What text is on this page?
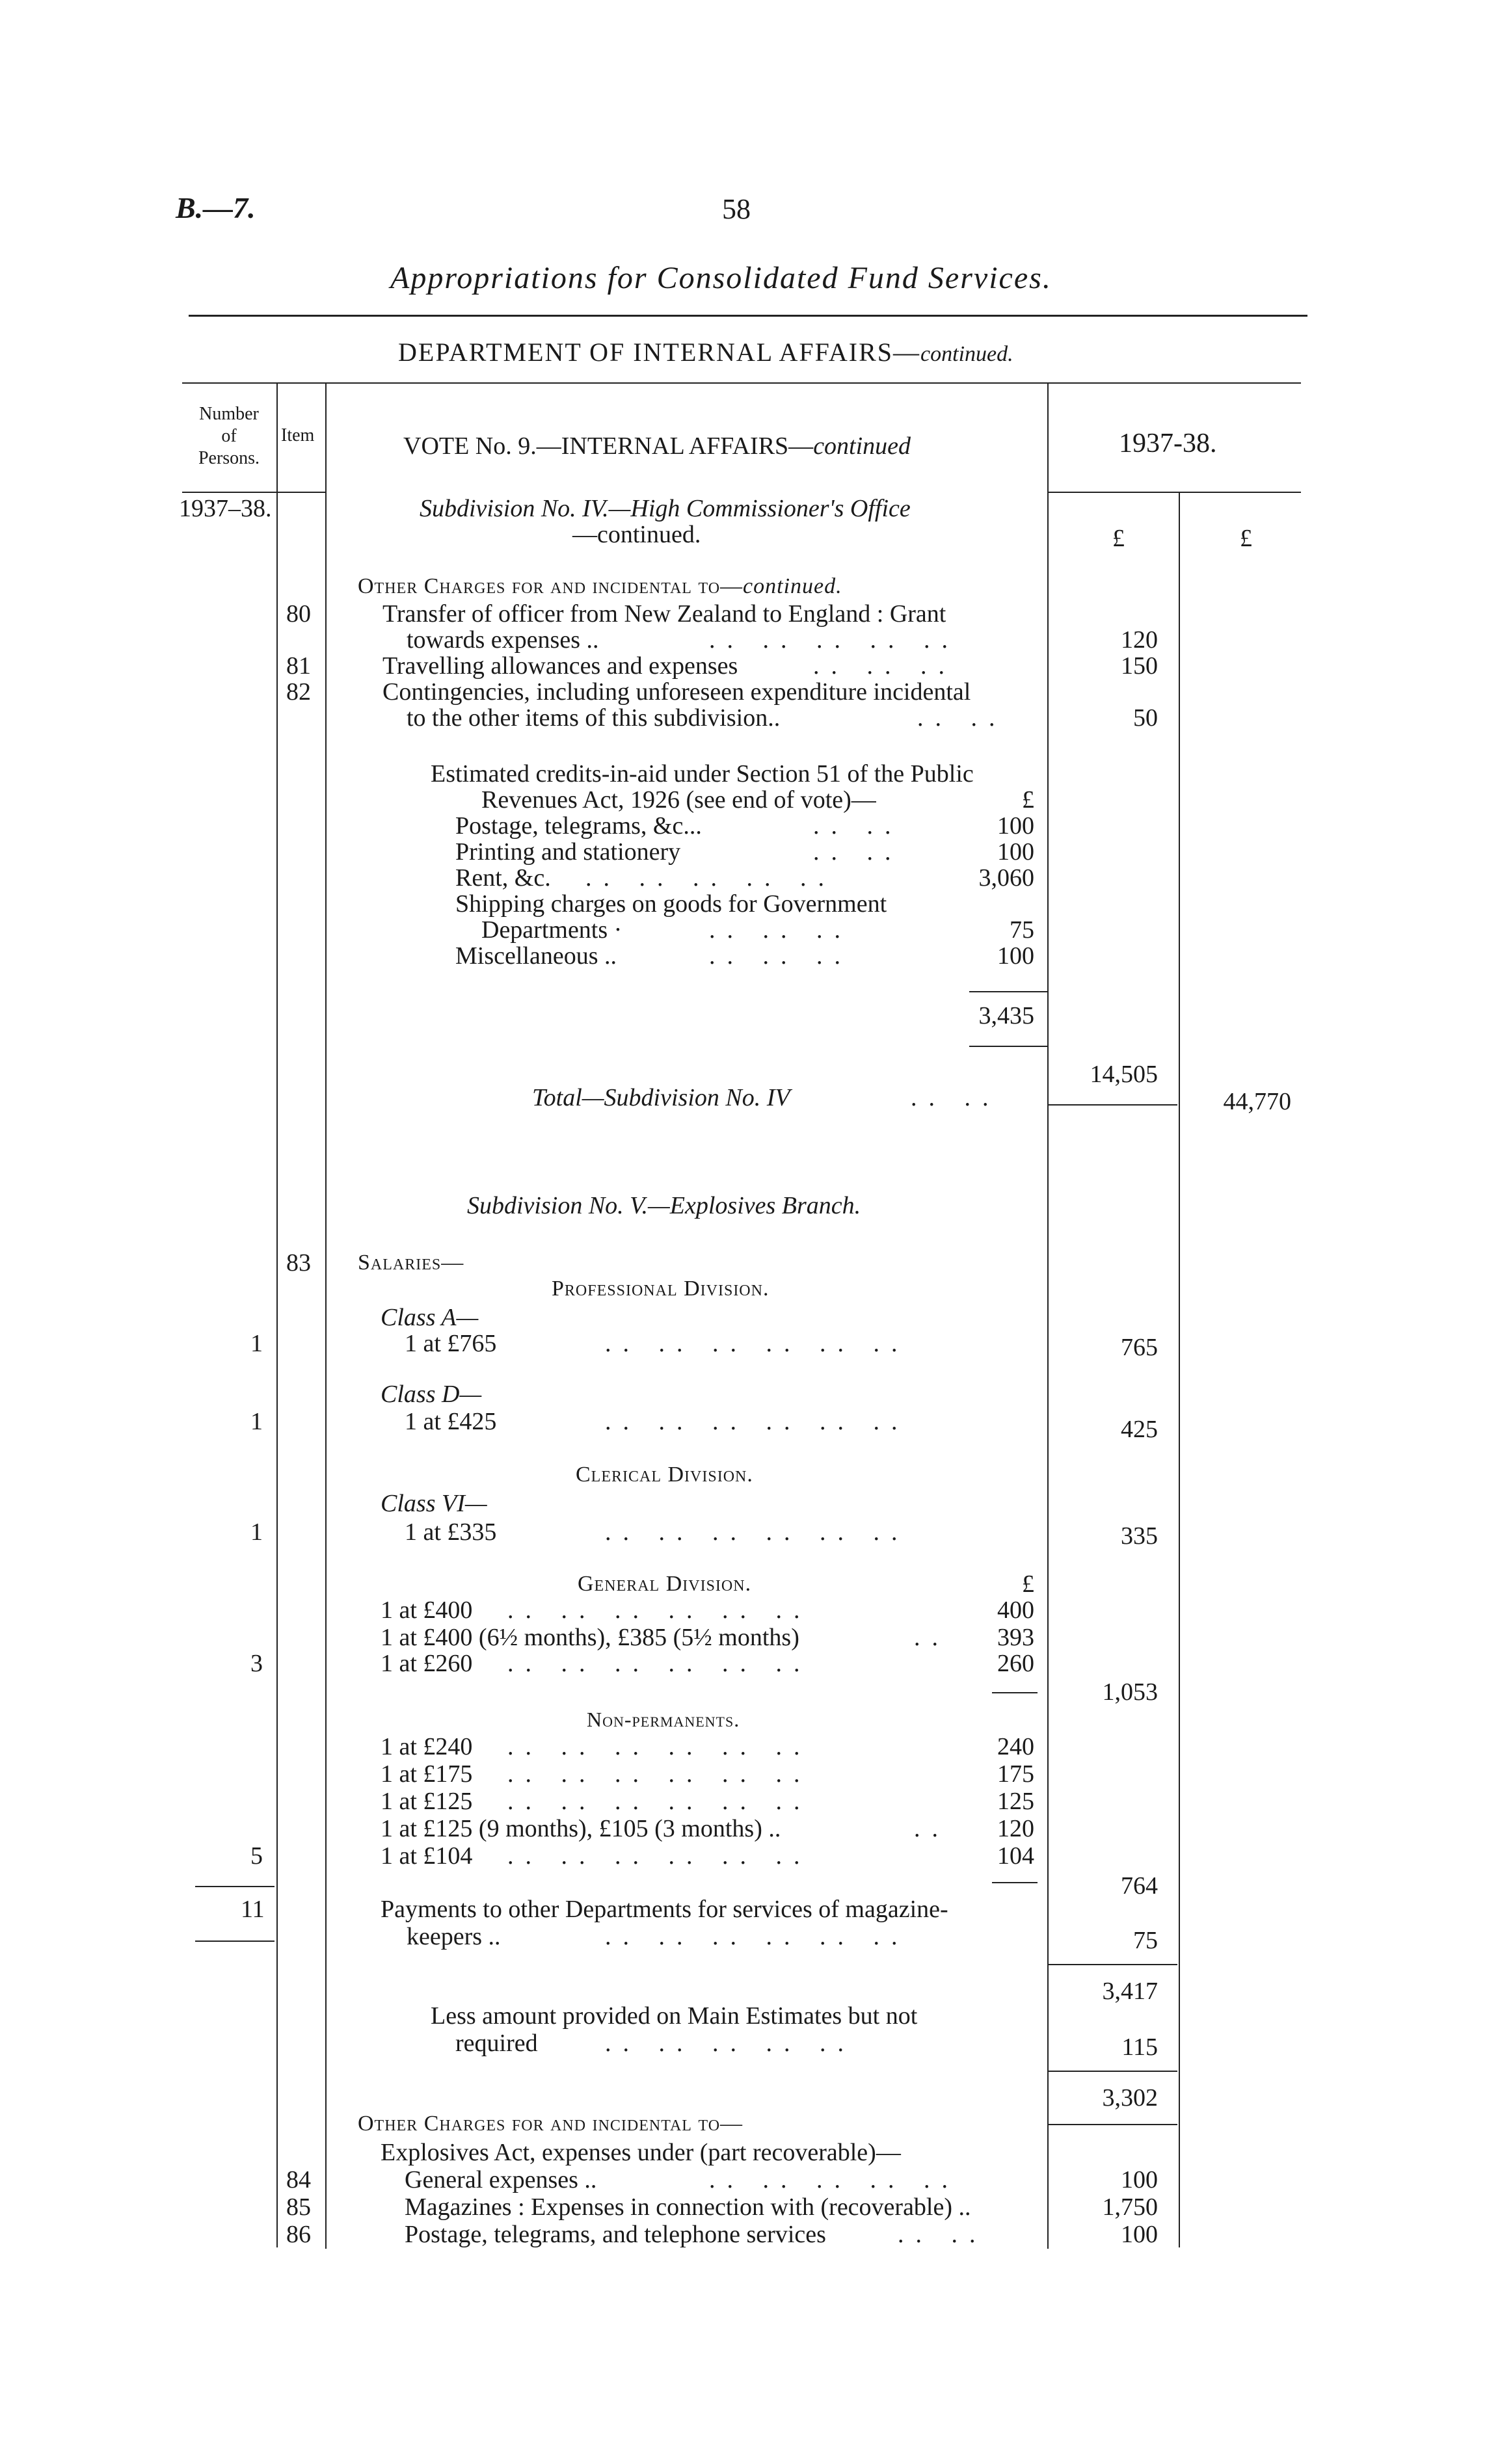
B.—7.	58
Appropriations for Consolidated Fund Services.
DEPARTMENT OF INTERNAL AFFAIRS—continued.
Number
of
Persons.
Item	VOTE No. 9.—INTERNAL AFFAIRS—continued	1937-38.
1937–38.
£	£
Subdivision No. IV.—High Commissioner's Office
—continued.
Other Charges for and incidental to—continued.
80	Transfer of officer from New Zealand to England : Grant
towards expenses ..	.. .. .. .. ..	120
81	Travelling allowances and expenses	.. .. ..	150
82	Contingencies, including unforeseen expenditure incidental
to the other items of this subdivision..	.. ..	50
Estimated credits-in-aid under Section 51 of the Public
Revenues Act, 1926 (see end of vote)—	£
Postage, telegrams, &c...	.. ..	100
Printing and stationery	.. ..	100
Rent, &c. .. .. .. .. ..	3,060
Shipping charges on goods for Government
Departments ·	.. .. ..	75
Miscellaneous ..	.. .. ..	100
3,435
14,505
Total—Subdivision No. IV	.. ..	44,770
Subdivision No. V.—Explosives Branch.
83 Salaries—
Professional Division.
Class A—
1	1 at £765	.. .. .. .. .. ..	765
Class D—
1	1 at £425	.. .. .. .. .. ..	425
Clerical Division.
Class VI—
1	1 at £335	.. .. .. .. .. ..	335
General Division.	£
1 at £400 .. .. .. .. .. ..	400
1 at £400 (6½ months), £385 (5½ months)	..	393
3	1 at £260 .. .. .. .. .. ..	260
1,053
Non-permanents.
1 at £240 .. .. .. .. .. ..	240
1 at £175 .. .. .. .. .. ..	175
1 at £125 .. .. .. .. .. ..	125
1 at £125 (9 months), £105 (3 months) ..	..	120
5	1 at £104 .. .. .. .. .. ..	104
764
11	Payments to other Departments for services of magazine-
keepers ..	.. .. .. .. .. ..	75
3,417
Less amount provided on Main Estimates but not
required	.. .. .. .. ..	115
3,302
Other Charges for and incidental to—
Explosives Act, expenses under (part recoverable)—
84	General expenses ..	.. .. .. .. ..	100
85	Magazines : Expenses in connection with (recoverable) ..	1,750
86	Postage, telegrams, and telephone services	.. ..	100
